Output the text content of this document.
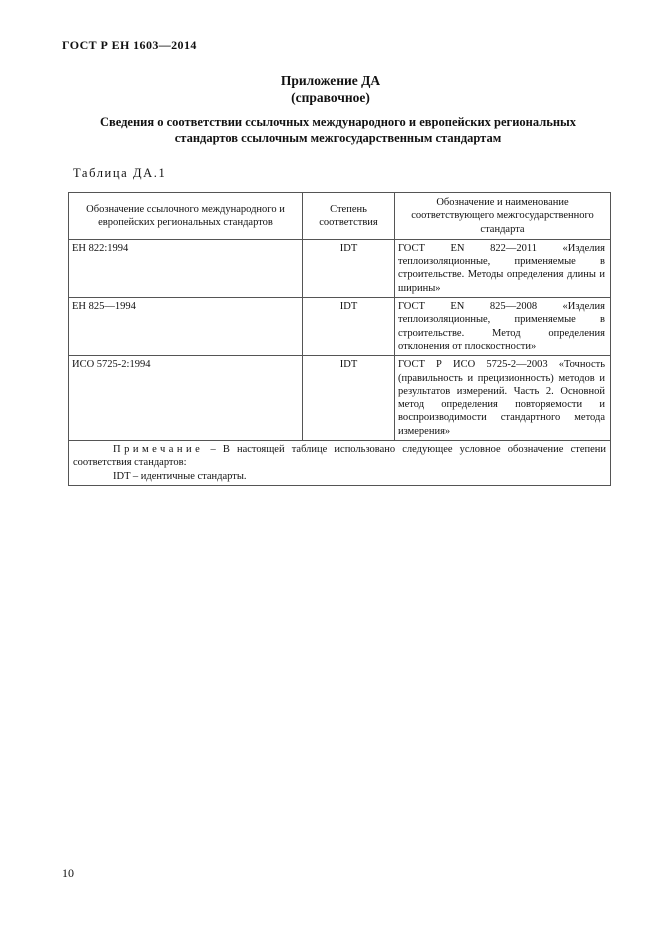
ГОСТ Р ЕН 1603—2014
Приложение ДА
(справочное)
Сведения о соответствии ссылочных международного и европейских региональных стандартов ссылочным межгосударственным стандартам
Таблица ДА.1
Обозначение ссылочного международного и европейских региональных стандартов	Степень соответствия	Обозначение и наименование соответствующего межгосударственного стандарта
ЕН 822:1994	IDT	ГОСТ EN 822—2011 «Изделия теплоизоляционные, применяемые в строительстве. Методы определения длины и ширины»
ЕН 825—1994	IDT	ГОСТ EN 825—2008 «Изделия теплоизоляционные, применяемые в строительстве. Метод определения отклонения от плоскостности»
ИСО 5725-2:1994	IDT	ГОСТ Р ИСО 5725-2—2003 «Точность (правильность и прецизионность) методов и результатов измерений. Часть 2. Основной метод определения повторяемости и воспроизводимости стандартного метода измерения»
Примечание – В настоящей таблице использовано следующее условное обозначение степени соответствия стандартов:
IDT – идентичные стандарты.		
10
